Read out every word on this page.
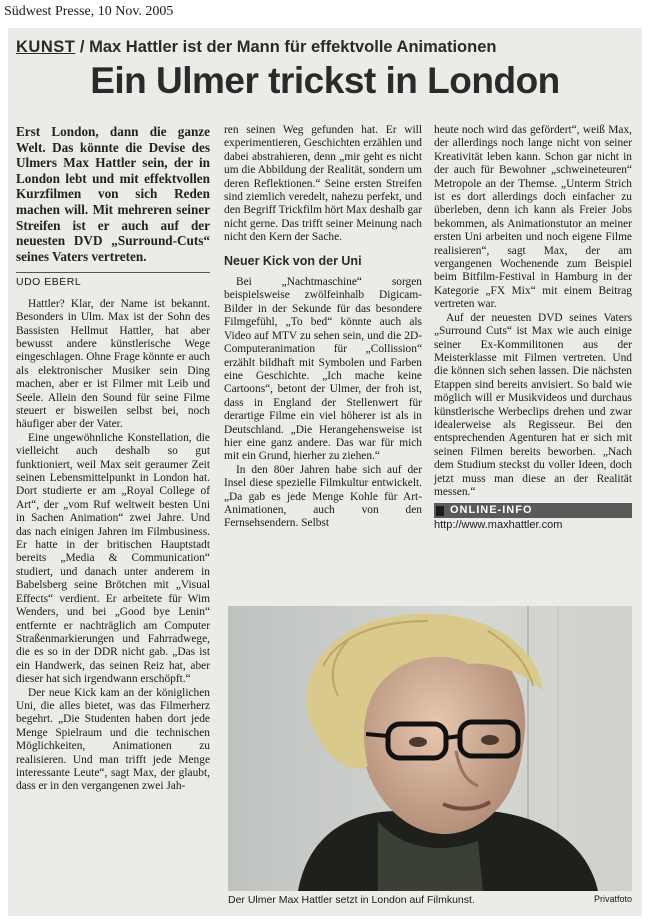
Südwest Presse, 10 Nov. 2005
KUNST / Max Hattler ist der Mann für effektvolle Animationen
Ein Ulmer trickst in London

Erst London, dann die ganze Welt. Das könnte die Devise des Ulmers Max Hattler sein, der in London lebt und mit effektvollen Kurzfilmen von sich Reden machen will. Mit mehreren seiner Streifen ist er auch auf der neuesten DVD „Surround-Cuts“ seines Vaters vertreten.

UDO EBERL

Hattler? Klar, der Name ist bekannt. Besonders in Ulm. Max ist der Sohn des Bassisten Hellmut Hattler, hat aber bewusst andere künstlerische Wege eingeschlagen. Ohne Frage könnte er auch als elektronischer Musiker sein Ding machen, aber er ist Filmer mit Leib und Seele. Allein den Sound für seine Filme steuert er bisweilen selbst bei, noch häufiger aber der Vater.

Eine ungewöhnliche Konstellation, die vielleicht auch deshalb so gut funktioniert, weil Max seit geraumer Zeit seinen Lebensmittelpunkt in London hat. Dort studierte er am „Royal College of Art“, der „vom Ruf weltweit besten Uni in Sachen Animation“ zwei Jahre. Und das nach einigen Jahren im Filmbusiness. Er hatte in der britischen Hauptstadt bereits „Media & Communication“ studiert, und danach unter anderem in Babelsberg seine Brötchen mit „Visual Effects“ verdient. Er arbeitete für Wim Wenders, und bei „Good bye Lenin“ entfernte er nachträglich am Computer Straßenmarkierungen und Fahrradwege, die es so in der DDR nicht gab. „Das ist ein Handwerk, das seinen Reiz hat, aber dieser hat sich irgendwann erschöpft.“

Der neue Kick kam an der königlichen Uni, die alles bietet, was das Filmerherz begehrt. „Die Studenten haben dort jede Menge Spielraum und die technischen Möglichkeiten, Animationen zu realisieren. Und man trifft jede Menge interessante Leute“, sagt Max, der glaubt, dass er in den vergangenen zwei Jah-

ren seinen Weg gefunden hat. Er will experimentieren, Geschichten erzählen und dabei abstrahieren, denn „mir geht es nicht um die Abbildung der Realität, sondern um deren Reflektionen.“ Seine ersten Streifen sind ziemlich veredelt, nahezu perfekt, und den Begriff Trickfilm hört Max deshalb gar nicht gerne. Das trifft seiner Meinung nach nicht den Kern der Sache.

Neuer Kick von der Uni

Bei „Nachtmaschine“ sorgen beispielsweise zwölfeinhalb Digicam-Bilder in der Sekunde für das besondere Filmgefühl, „To bed“ könnte auch als Video auf MTV zu sehen sein, und die 2D-Computeranimation für „Collission“ erzählt bildhaft mit Symbolen und Farben eine Geschichte. „Ich mache keine Cartoons“, betont der Ulmer, der froh ist, dass in England der Stellenwert für derartige Filme ein viel höherer ist als in Deutschland. „Die Herangehensweise ist hier eine ganz andere. Das war für mich mit ein Grund, hierher zu ziehen.“

In den 80er Jahren habe sich auf der Insel diese spezielle Filmkultur entwickelt. „Da gab es jede Menge Kohle für Art-Animationen, auch von den Fernsehsendern. Selbst

heute noch wird das gefördert“, weiß Max, der allerdings noch lange nicht von seiner Kreativität leben kann. Schon gar nicht in der auch für Bewohner „schweineteuren“ Metropole an der Themse. „Unterm Strich ist es dort allerdings doch einfacher zu überleben, denn ich kann als Freier Jobs bekommen, als Animationstutor an meiner ersten Uni arbeiten und noch eigene Filme realisieren“, sagt Max, der am vergangenen Wochenende zum Beispiel beim Bitfilm-Festival in Hamburg in der Kategorie „FX Mix“ mit einem Beitrag vertreten war.

Auf der neuesten DVD seines Vaters „Surround Cuts“ ist Max wie auch einige seiner Ex-Kommilitonen aus der Meisterklasse mit Filmen vertreten. Und die können sich sehen lassen. Die nächsten Etappen sind bereits anvisiert. So bald wie möglich will er Musikvideos und durchaus künstlerische Werbeclips drehen und zwar idealerweise als Regisseur. Bei den entsprechenden Agenturen hat er sich mit seinen Filmen bereits beworben. „Nach dem Studium steckst du voller Ideen, doch jetzt muss man diese an der Realität messen.“

ONLINE-INFO
http://www.maxhattler.com
Der Ulmer Max Hattler setzt in London auf Filmkunst.	Privatfoto
